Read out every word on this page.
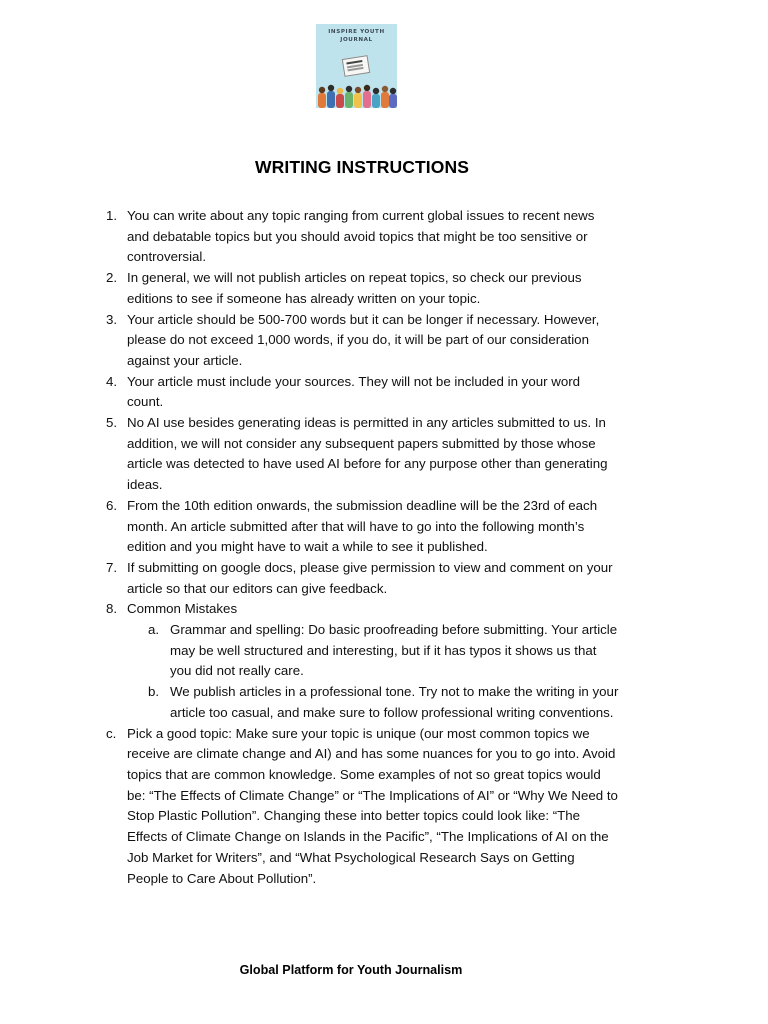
INSPIRE YOUTH
JOURNAL
WRITING INSTRUCTIONS
1. You can write about any topic ranging from current global issues to recent news and debatable topics but you should avoid topics that might be too sensitive or controversial.
2. In general, we will not publish articles on repeat topics, so check our previous editions to see if someone has already written on your topic.
3. Your article should be 500-700 words but it can be longer if necessary. However, please do not exceed 1,000 words, if you do, it will be part of our consideration against your article.
4. Your article must include your sources. They will not be included in your word count.
5. No AI use besides generating ideas is permitted in any articles submitted to us. In addition, we will not consider any subsequent papers submitted by those whose article was detected to have used AI before for any purpose other than generating ideas.
6. From the 10th edition onwards, the submission deadline will be the 23rd of each month. An article submitted after that will have to go into the following month’s edition and you might have to wait a while to see it published.
7. If submitting on google docs, please give permission to view and comment on your article so that our editors can give feedback.
8. Common Mistakes
a. Grammar and spelling: Do basic proofreading before submitting. Your article may be well structured and interesting, but if it has typos it shows us that you did not really care.
b. We publish articles in a professional tone. Try not to make the writing in your article too casual, and make sure to follow professional writing conventions.
c. Pick a good topic: Make sure your topic is unique (our most common topics we receive are climate change and AI) and has some nuances for you to go into. Avoid topics that are common knowledge. Some examples of not so great topics would be: “The Effects of Climate Change” or “The Implications of AI” or “Why We Need to Stop Plastic Pollution”. Changing these into better topics could look like: “The Effects of Climate Change on Islands in the Pacific”, “The Implications of AI on the Job Market for Writers”, and “What Psychological Research Says on Getting People to Care About Pollution”.
Global Platform for Youth Journalism
